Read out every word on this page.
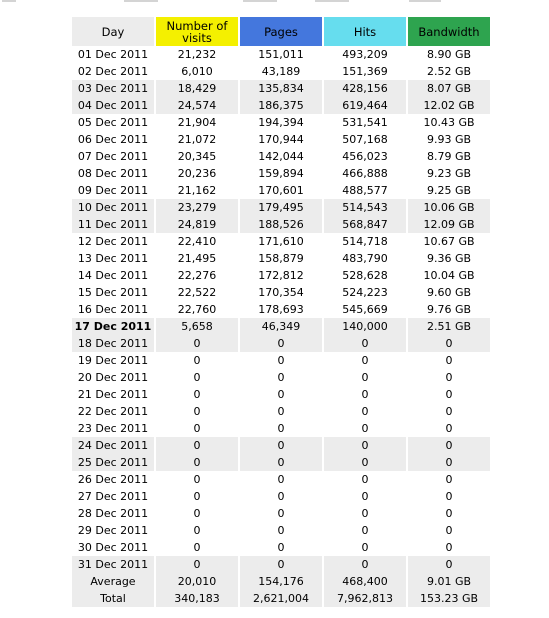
Day	Number of visits	Pages	Hits	Bandwidth
01 Dec 2011	21,232	151,011	493,209	8.90 GB
02 Dec 2011	6,010	43,189	151,369	2.52 GB
03 Dec 2011	18,429	135,834	428,156	8.07 GB
04 Dec 2011	24,574	186,375	619,464	12.02 GB
05 Dec 2011	21,904	194,394	531,541	10.43 GB
06 Dec 2011	21,072	170,944	507,168	9.93 GB
07 Dec 2011	20,345	142,044	456,023	8.79 GB
08 Dec 2011	20,236	159,894	466,888	9.23 GB
09 Dec 2011	21,162	170,601	488,577	9.25 GB
10 Dec 2011	23,279	179,495	514,543	10.06 GB
11 Dec 2011	24,819	188,526	568,847	12.09 GB
12 Dec 2011	22,410	171,610	514,718	10.67 GB
13 Dec 2011	21,495	158,879	483,790	9.36 GB
14 Dec 2011	22,276	172,812	528,628	10.04 GB
15 Dec 2011	22,522	170,354	524,223	9.60 GB
16 Dec 2011	22,760	178,693	545,669	9.76 GB
17 Dec 2011	5,658	46,349	140,000	2.51 GB
18 Dec 2011	0	0	0	0
19 Dec 2011	0	0	0	0
20 Dec 2011	0	0	0	0
21 Dec 2011	0	0	0	0
22 Dec 2011	0	0	0	0
23 Dec 2011	0	0	0	0
24 Dec 2011	0	0	0	0
25 Dec 2011	0	0	0	0
26 Dec 2011	0	0	0	0
27 Dec 2011	0	0	0	0
28 Dec 2011	0	0	0	0
29 Dec 2011	0	0	0	0
30 Dec 2011	0	0	0	0
31 Dec 2011	0	0	0	0
Average	20,010	154,176	468,400	9.01 GB
Total	340,183	2,621,004	7,962,813	153.23 GB
